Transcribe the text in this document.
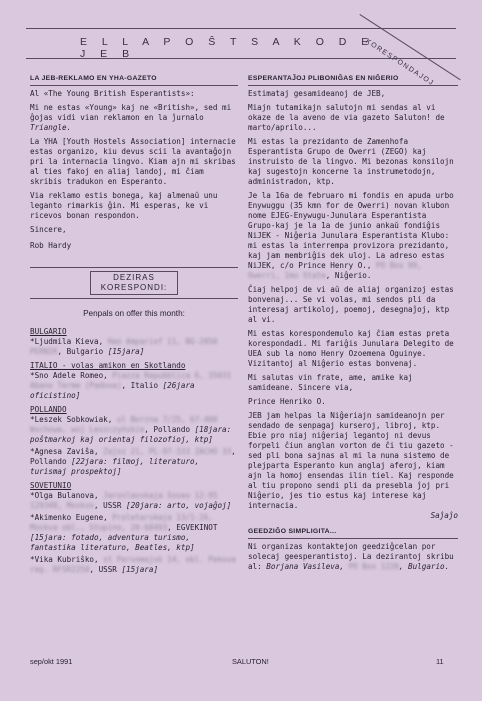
E L L A P O Ŝ T S A K O D E J E B	KORESPONDAJOJ
LA JEB-REKLAMO EN YHA-GAZETO

Al «The Young British Esperantists»:

Mi ne estas «Young» kaj ne «British», sed mi ĝojas vidi vian reklamon en la ĵurnalo Triangle.

La YHA [Youth Hostels Association] internacie estas organizo, kiu devus scii la avantaĝojn pri la internacia lingvo. Kiam ajn mi skribas al ties fakoj en aliaj landoj, mi ĉiam skribis tradukon en Esperanto.

Via reklamo estis bonega, kaj almenaŭ unu leganto rimarkis ĝin. Mi esperas, ke vi ricevos bonan respondon.

Sincere,
Rob Hardy
DEZIRAS KORESPONDI:
Penpals on offer this month:
BULGARIO
*Ljudmila Kieva, Hao Ampariof 11, BG-2050 PERNIK, Bulgario [15jara]
ITALIO - volas amikon en Skotlando
*Sno Adele Romeo, Piazza Repubblica 6, 35031 Abano Terme (Padova), Italio [26jara oficistino]
POLLANDO
*Leszek Sobkowiak, ul Borzna 7/25, 67-400 Wschowa, woj Leszczyńskie, Pollando [18jara: poŝtmarkoj kaj orientaj filozofioj, ktp]
*Agnesa Zaviŝa, Zaĵoz 21, PL-97-333 ZACHO 33, Pollando [22jara: filmoj, literaturo, turismaj prospektoj]
SOVETUNIO
*Olga Bulanova, Jaroslavskaja ŝoseo 12-95 129348, Moskvo, USSR [20jara: arto, vojaĝoj]
*Akimenko Eugene, Proletarskaja 13/1-26, Moskva obl., Stupino, 20-68493, EGVEKINOT [15jara: fotado, adventura turismo, fantastika literaturo, Beatles, ktp]
*Vika Kubriŝko, st Pervomajsk 14, obl. Pekova reg. RFSR2250, USSR [15jara]
ESPERANTAĴOJ PLIBONIĜAS EN NIĜERIO

Estimataj gesamideanoj de JEB,

Miajn tutamikajn salutojn mi sendas al vi okaze de la aveno de via gazeto Saluton! de marto/aprilo...

Mi estas la prezidanto de Zamenhofa Esperantista Grupo de Owerri (ZEGO) kaj instruisto de la lingvo. Mi bezonas konsilojn kaj sugestojn koncerne la instrumetodojn, administradon, ktp.

Je la 16a de februaro mi fondis en apuda urbo Enywuggu (35 kmn for de Owerri) novan klubon nome EJEG-Enywugu-Junulara Esperantista Grupo-kaj je la 1a de junio ankaŭ fondiĝis NiJEK - Niĝeria Junulara Esperantista Klubo: mi estas la interrempa provizora prezidanto, kaj jam membriĝis dek uloj. La adreso estas NiJEK, c/o Prince Henry O., PO Box 99, Owerri, Imo State, Niĝerio.

Ĉiaj helpoj de vi aŭ de aliaj organizoj estas bonvenaj... Se vi volas, mi sendos pli da interesaj artikoloj, poemoj, desegnaĵoj, ktp al vi.

Mi estas korespondemulo kaj ĉiam estas preta korespondadi. Mi fariĝis Junulara Delegito de UEA sub la nomo Henry Ozoemena Oguinye. Vizitantoj al Niĝerio estas bonvenaj.

Mi salutas vin frate, ame, amike kaj samideane. Sincere via,

Prince Henriko O.

JEB jam helpas la Niĝeriajn samideanojn per sendado de senpagaj kurseroj, libroj, ktp. Ebie pro niaj niĝeriaj legantoj ni devus forpeli ĉiun anglan vorton de ĉi tiu gazeto - sed pli bona sajnas al mi la nuna sistemo de plejparta Esperanto kun anglaj aferoj, kiam ajn la homoj ensendas ilin tiel. Kaj responde al tiu propono sendi pli da presebla ĵoj pri Niĝerio, jes tio estus kaj interese kaj internacia.

Saĵaĵo
GEEDZIĜO SIMPLIGITA...

Ni organizas kontaktejon geedziĝcelan por solecaj geesperantistoj. La dezirantoj skribu al: Borjana Vasileva, PO Box 1220, Bulgario.

sep/okt 1991	SALUTON!	11
